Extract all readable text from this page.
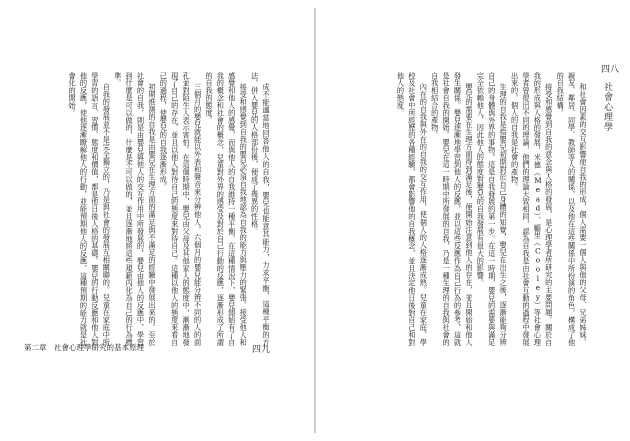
四九
第二章　社會心理學研究的基本原理

成不能適當地回答他人的自我，嬰兒也能意其能力，力求平衡，這種平衡的方法，併入嬰兒的人格部份後，便成了幾異的性格。

接受和感覺到自我的嬰兒必須自我地認為自我的能力與壓力的緊張。接受他人和感覺和他人的感覺，而與他人的自我維持一種平衡，在這種情況下，嬰兒開始有了自我的概念和社會的概念，兒童對外界的感受及對於自己行動的反應，逐漸形成了所謂的自我的態度。

三個月的嬰兒就能以外表和聲音來分辨他人，六個月的嬰兒能分辨不同的人的面孔並對陌生人表示害怕。在這個時期中，嬰兒由父母及其他家人的態度中，漸漸地發現了自己的存在，並且以他人對待自己的態度來對待自己。這種以他人的態度來看自己的過程，使嬰兒的自我逐漸形成。

初期推測的自我是由嬰兒在生理方面的滿足與不滿足的經驗中發展出來的。至於社會的自我，則是由嬰兒與他人的交互作用中所發展的，嬰兒由他人的反應中，學習到什麼是可以做的，什麼是不可以做的，並且逐漸地將這些規範內化為自己的行為標準。

自我的發展並不是完全獨立的，乃是與社會的發展互相關聯的。兒童在家庭中所學習的語言、習慣、態度和價值，都是他日後人格的基礎。嬰兒的行動反應和他人對他的反應，使他逐漸瞭解他人的行動，並能預期他人的反應，這種預期的能力就是社會化的開始。

四八
社會心理學

和社會因素的交互影響使自我的形成，個人需要一個人與他的父母、兄弟姊妹、親友、鄰居、同學、教師等人的關係，以及他在這些關係中所扮演的角色，構成了他的自我結構。

接受和感覺到自我的意念與人格的發展，是心理學者所研究的主要問題。關於自我的形成與人格的發展，米德（Mead）、顧里（Cooley）等社會心理學者曾提出不同的理論，他們的理論大致相同，認為自我是由社會互動的過程中發展出來的，個人的自我是社會的產物。

生理的自我是指嬰兒初期對於自己身體的知覺，嬰兒在出生之後，逐漸能夠分辨自己的身體與外界的事物，這是自我發展的第一步。在這一時期，嬰兒的需要與滿足完全依賴他人，因此他人的態度對嬰兒的自我發展有很大的影響。

嬰兒的需要在生理方面得到滿足後，便開始注意到他人的存在，並且開始和他人發生關係。嬰兒逐漸地學習到他人的反應，並以這些反應作為自己行為的參考，這就是社會自我的開始。嬰兒在這一時期中所發展的自我，乃是一種生理的自我與社會的自我相結合的產物。

內在的自我與外在的自我的交互作用，使個人的人格逐漸成熟。兒童在家庭、學校及社會中所經歷的各種經驗，都會影響他的自我概念，並且決定他日後對自己和對他人的態度。
